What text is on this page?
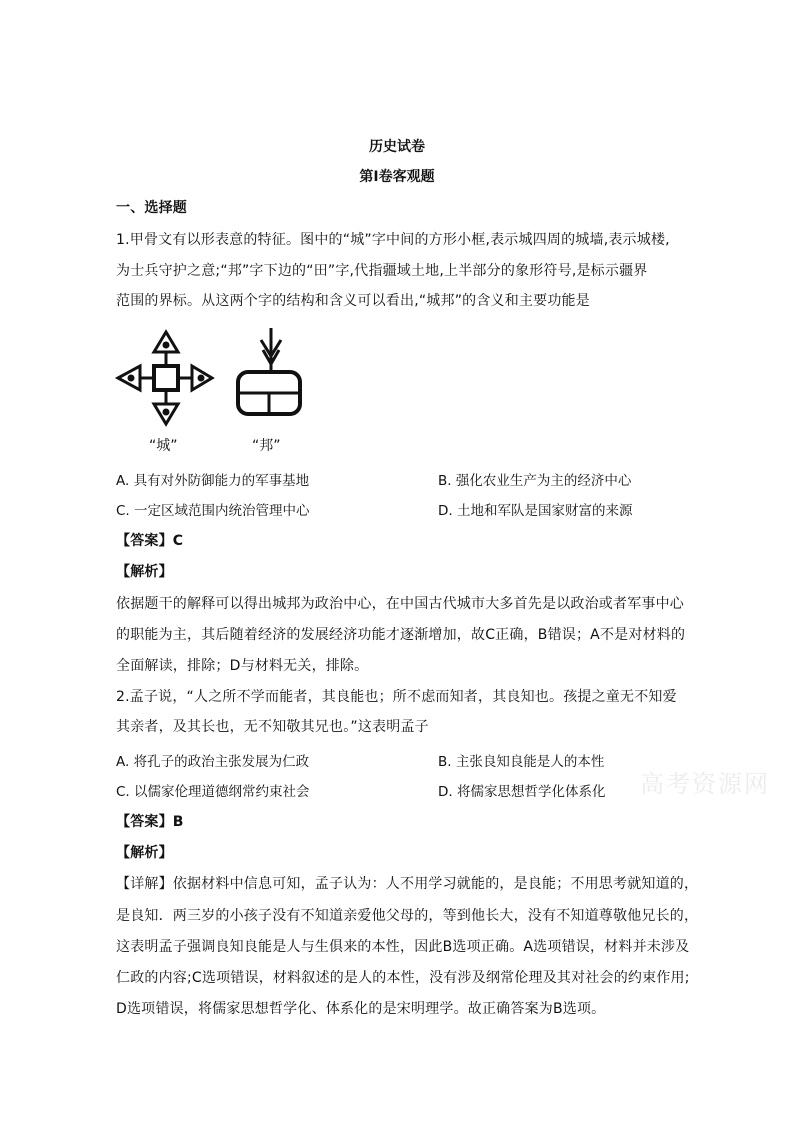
历史试卷
第Ⅰ卷客观题
一、选择题
1.甲骨文有以形表意的特征。图中的“城”字中间的方形小框,表示城四周的城墙,表示城楼,
为士兵守护之意;“邦”字下边的“田”字,代指疆域土地,上半部分的象形符号,是标示疆界
范围的界标。从这两个字的结构和含义可以看出,“城邦”的含义和主要功能是
“城”	“邦”
A. 具有对外防御能力的军事基地	B. 强化农业生产为主的经济中心
C. 一定区域范围内统治管理中心	D. 土地和军队是国家财富的来源
【答案】C
【解析】
依据题干的解释可以得出城邦为政治中心，在中国古代城市大多首先是以政治或者军事中心
的职能为主，其后随着经济的发展经济功能才逐渐增加，故C正确，B错误；A不是对材料的
全面解读，排除；D与材料无关，排除。
2.孟子说，“人之所不学而能者，其良能也；所不虑而知者，其良知也。孩提之童无不知爱
其亲者，及其长也，无不知敬其兄也。”这表明孟子
A. 将孔子的政治主张发展为仁政	B. 主张良知良能是人的本性
C. 以儒家伦理道德纲常约束社会	D. 将儒家思想哲学化体系化 高考资源网
【答案】B
【解析】
【详解】依据材料中信息可知，孟子认为：人不用学习就能的，是良能；不用思考就知道的，
是良知．两三岁的小孩子没有不知道亲爱他父母的，等到他长大，没有不知道尊敬他兄长的，
这表明孟子强调良知良能是人与生俱来的本性，因此B选项正确。A选项错误，材料并未涉及
仁政的内容;C选项错误，材料叙述的是人的本性，没有涉及纲常伦理及其对社会的约束作用;
D选项错误，将儒家思想哲学化、体系化的是宋明理学。故正确答案为B选项。
